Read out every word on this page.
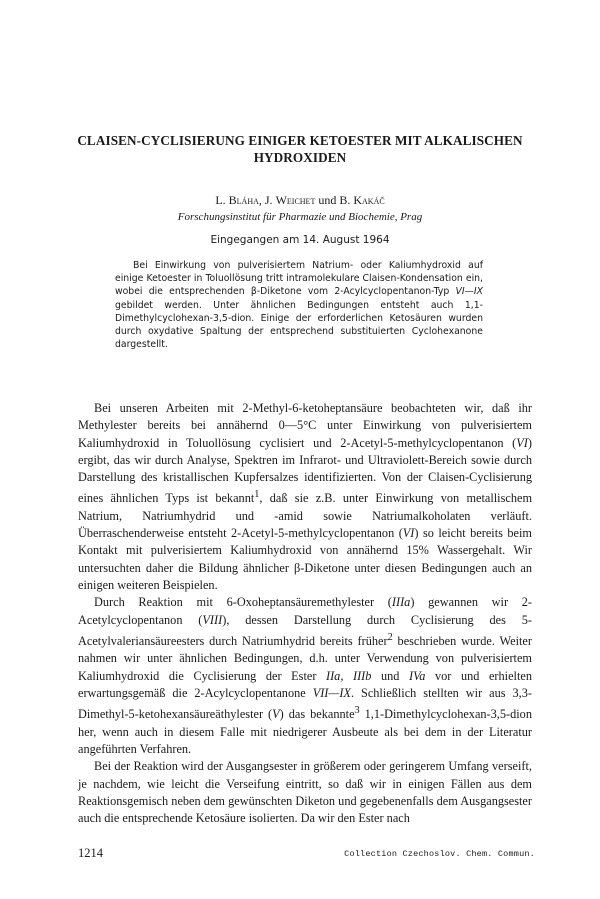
CLAISEN-CYCLISIERUNG EINIGER KETOESTER MIT ALKALISCHEN
HYDROXIDEN
L. Bláha, J. Weichet und B. Kakáč
Forschungsinstitut für Pharmazie und Biochemie, Prag
Eingegangen am 14. August 1964

Bei Einwirkung von pulverisiertem Natrium- oder Kaliumhydroxid auf einige Ketoester in Toluollösung tritt intramolekulare Claisen-Kondensation ein, wobei die entsprechenden β-Diketone vom 2-Acylcyclopentanon-Typ VI—IX gebildet werden. Unter ähnlichen Bedingungen entsteht auch 1,1-Dimethylcyclohexan-3,5-dion. Einige der erforderlichen Ketosäuren wurden durch oxydative Spaltung der entsprechend substituierten Cyclohexanone dargestellt.

Bei unseren Arbeiten mit 2-Methyl-6-ketoheptansäure beobachteten wir, daß ihr Methylester bereits bei annähernd 0—5°C unter Einwirkung von pulverisiertem Kaliumhydroxid in Toluollösung cyclisiert und 2-Acetyl-5-methylcyclopentanon (VI) ergibt, das wir durch Analyse, Spektren im Infrarot- und Ultraviolett-Bereich sowie durch Darstellung des kristallischen Kupfersalzes identifizierten. Von der Claisen-Cyclisierung eines ähnlichen Typs ist bekannt$^1$, daß sie z.B. unter Einwirkung von metallischem Natrium, Natriumhydrid und -amid sowie Natriumalkoholaten verläuft. Überraschenderweise entsteht 2-Acetyl-5-methylcyclopentanon (VI) so leicht bereits beim Kontakt mit pulverisiertem Kaliumhydroxid von annähernd 15% Wassergehalt. Wir untersuchten daher die Bildung ähnlicher β-Diketone unter diesen Bedingungen auch an einigen weiteren Beispielen.

Durch Reaktion mit 6-Oxoheptansäuremethylester (IIIa) gewannen wir 2-Acetylcyclopentanon (VIII), dessen Darstellung durch Cyclisierung des 5-Acetylvaleriansäureesters durch Natriumhydrid bereits früher$^2$ beschrieben wurde. Weiter nahmen wir unter ähnlichen Bedingungen, d.h. unter Verwendung von pulverisiertem Kaliumhydroxid die Cyclisierung der Ester IIa, IIIb und IVa vor und erhielten erwartungsgemäß die 2-Acylcyclopentanone VII—IX. Schließlich stellten wir aus 3,3-Dimethyl-5-ketohexansäureäthylester (V) das bekannte$^3$ 1,1-Dimethylcyclohexan-3,5-dion her, wenn auch in diesem Falle mit niedrigerer Ausbeute als bei dem in der Literatur angeführten Verfahren.

Bei der Reaktion wird der Ausgangsester in größerem oder geringerem Umfang verseift, je nachdem, wie leicht die Verseifung eintritt, so daß wir in einigen Fällen aus dem Reaktionsgemisch neben dem gewünschten Diketon und gegebenenfalls dem Ausgangsester auch die entsprechende Ketosäure isolierten. Da wir den Ester nach

1214	Collection Czechoslov. Chem. Commun.
